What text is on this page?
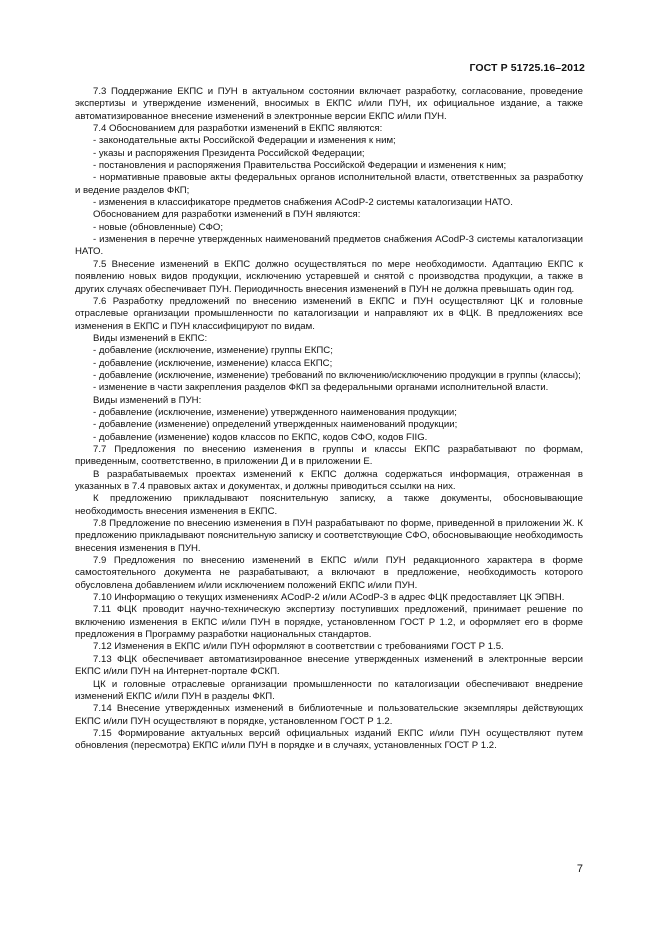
ГОСТ Р 51725.16–2012

7.3 Поддержание ЕКПС и ПУН в актуальном состоянии включает разработку, согласование, проведение экспертизы и утверждение изменений, вносимых в ЕКПС и/или ПУН, их официальное издание, а также автоматизированное внесение изменений в электронные версии ЕКПС и/или ПУН.

7.4 Обоснованием для разработки изменений в ЕКПС являются:

- законодательные акты Российской Федерации и изменения к ним;

- указы и распоряжения Президента Российской Федерации;

- постановления и распоряжения Правительства Российской Федерации и изменения к ним;

- нормативные правовые акты федеральных органов исполнительной власти, ответственных за разработку и ведение разделов ФКП;

- изменения в классификаторе предметов снабжения ACodP-2 системы каталогизации НАТО.

Обоснованием для разработки изменений в ПУН являются:

- новые (обновленные) СФО;

- изменения в перечне утвержденных наименований предметов снабжения ACodP-3 системы каталогизации НАТО.

7.5 Внесение изменений в ЕКПС должно осуществляться по мере необходимости. Адаптацию ЕКПС к появлению новых видов продукции, исключению устаревшей и снятой с производства продукции, а также в других случаях обеспечивает ПУН. Периодичность внесения изменений в ПУН не должна превышать один год.

7.6 Разработку предложений по внесению изменений в ЕКПС и ПУН осуществляют ЦК и головные отраслевые организации промышленности по каталогизации и направляют их в ФЦК. В предложениях все изменения в ЕКПС и ПУН классифицируют по видам.

Виды изменений в ЕКПС:

- добавление (исключение, изменение) группы ЕКПС;

- добавление (исключение, изменение) класса ЕКПС;

- добавление (исключение, изменение) требований по включению/исключению продукции в группы (классы);

- изменение в части закрепления разделов ФКП за федеральными органами исполнительной власти.

Виды изменений в ПУН:

- добавление (исключение, изменение) утвержденного наименования продукции;

- добавление (изменение) определений утвержденных наименований продукции;

- добавление (изменение) кодов классов по ЕКПС, кодов СФО, кодов FIIG.

7.7 Предложения по внесению изменения в группы и классы ЕКПС разрабатывают по формам, приведенным, соответственно, в приложении Д и в приложении Е.

В разрабатываемых проектах изменений к ЕКПС должна содержаться информация, отраженная в указанных в 7.4 правовых актах и документах, и должны приводиться ссылки на них.

К предложению прикладывают пояснительную записку, а также документы, обосновывающие необходимость внесения изменения в ЕКПС.

7.8 Предложение по внесению изменения в ПУН разрабатывают по форме, приведенной в приложении Ж. К предложению прикладывают пояснительную записку и соответствующие СФО, обосновывающие необходимость внесения изменения в ПУН.

7.9 Предложения по внесению изменений в ЕКПС и/или ПУН редакционного характера в форме самостоятельного документа не разрабатывают, а включают в предложение, необходимость которого обусловлена добавлением и/или исключением положений ЕКПС и/или ПУН.

7.10 Информацию о текущих изменениях ACodP-2 и/или ACodP-3 в адрес ФЦК предоставляет ЦК ЭПВН.

7.11 ФЦК проводит научно-техническую экспертизу поступивших предложений, принимает решение по включению изменения в ЕКПС и/или ПУН в порядке, установленном ГОСТ Р 1.2, и оформляет его в форме предложения в Программу разработки национальных стандартов.

7.12 Изменения в ЕКПС и/или ПУН оформляют в соответствии с требованиями ГОСТ Р 1.5.

7.13 ФЦК обеспечивает автоматизированное внесение утвержденных изменений в электронные версии ЕКПС и/или ПУН на Интернет-портале ФСКП.

ЦК и головные отраслевые организации промышленности по каталогизации обеспечивают внедрение изменений ЕКПС и/или ПУН в разделы ФКП.

7.14 Внесение утвержденных изменений в библиотечные и пользовательские экземпляры действующих ЕКПС и/или ПУН осуществляют в порядке, установленном ГОСТ Р 1.2.

7.15 Формирование актуальных версий официальных изданий ЕКПС и/или ПУН осуществляют путем обновления (пересмотра) ЕКПС и/или ПУН в порядке и в случаях, установленных ГОСТ Р 1.2.

7
